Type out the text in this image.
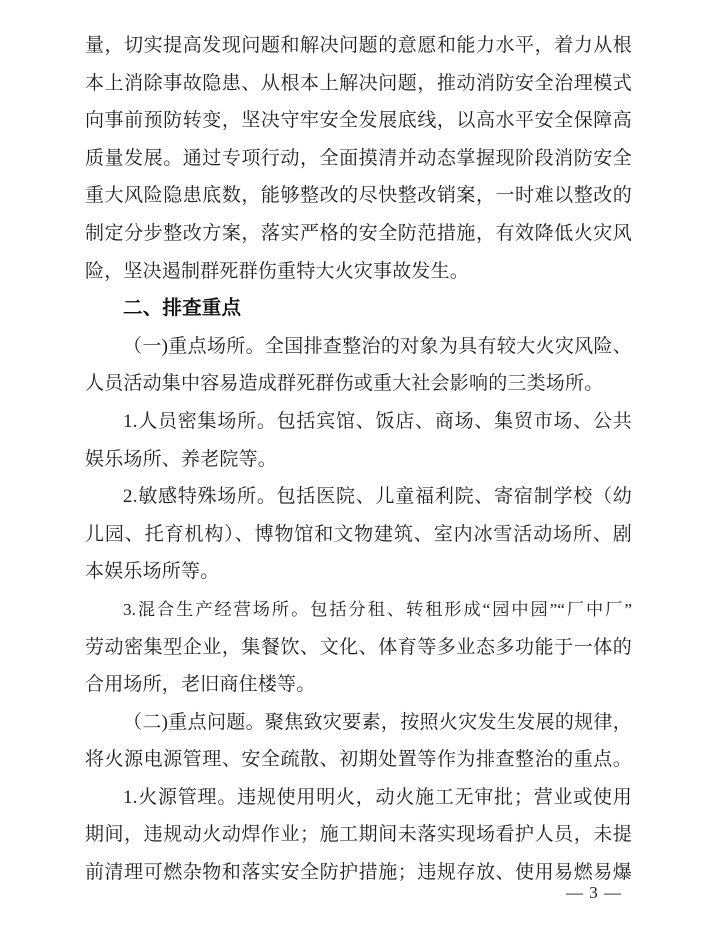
量，切实提高发现问题和解决问题的意愿和能力水平，着力从根
本上消除事故隐患、从根本上解决问题，推动消防安全治理模式
向事前预防转变，坚决守牢安全发展底线，以高水平安全保障高
质量发展。通过专项行动，全面摸清并动态掌握现阶段消防安全
重大风险隐患底数，能够整改的尽快整改销案，一时难以整改的
制定分步整改方案，落实严格的安全防范措施，有效降低火灾风
险，坚决遏制群死群伤重特大火灾事故发生。
二、排查重点
（一)重点场所。全国排查整治的对象为具有较大火灾风险、
人员活动集中容易造成群死群伤或重大社会影响的三类场所。
1.人员密集场所。包括宾馆、饭店、商场、集贸市场、公共
娱乐场所、养老院等。
2.敏感特殊场所。包括医院、儿童福利院、寄宿制学校（幼
儿园、托育机构）、博物馆和文物建筑、室内冰雪活动场所、剧
本娱乐场所等。
3.混合生产经营场所。包括分租、转租形成“园中园”“厂中厂”
劳动密集型企业，集餐饮、文化、体育等多业态多功能于一体的
合用场所，老旧商住楼等。
（二)重点问题。聚焦致灾要素，按照火灾发生发展的规律，
将火源电源管理、安全疏散、初期处置等作为排查整治的重点。
1.火源管理。违规使用明火，动火施工无审批；营业或使用
期间，违规动火动焊作业；施工期间未落实现场看护人员，未提
前清理可燃杂物和落实安全防护措施；违规存放、使用易燃易爆
— 3 —
